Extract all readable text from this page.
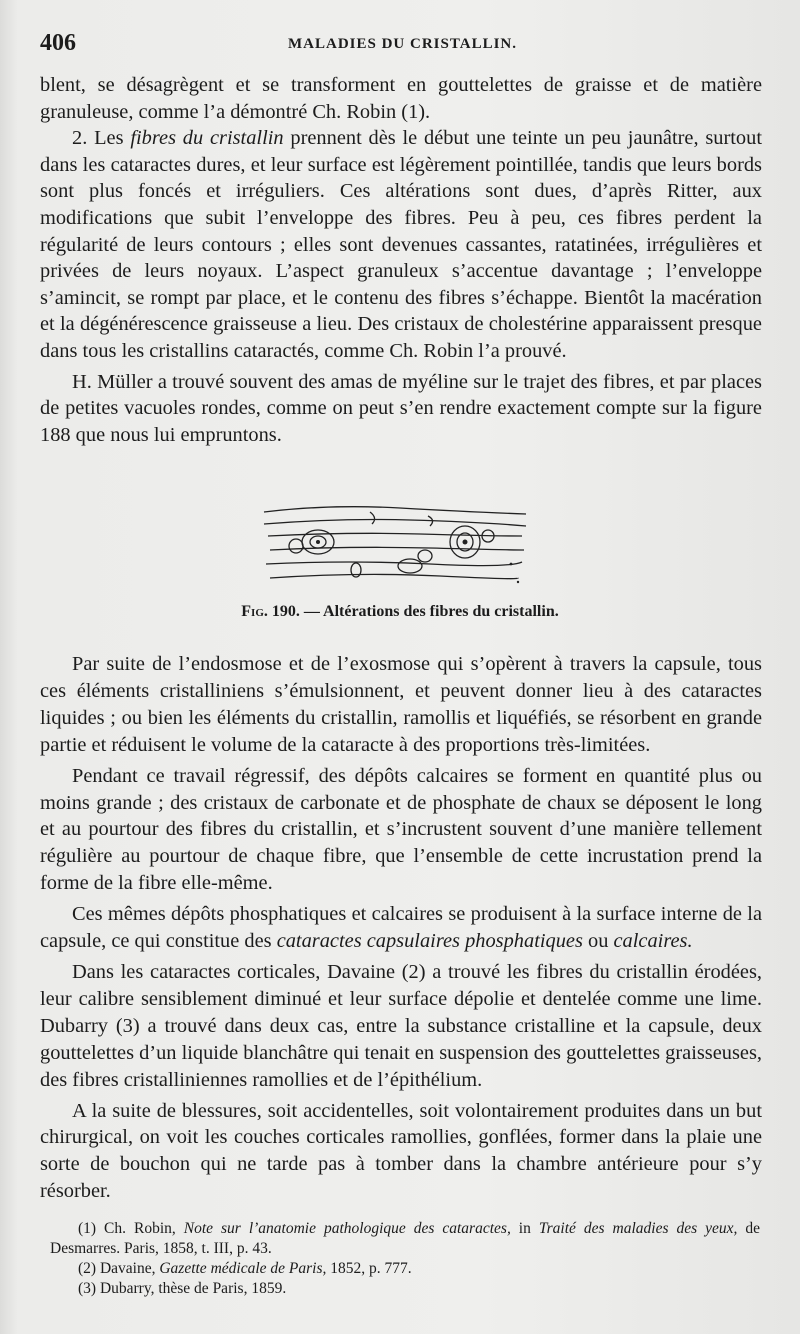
406	MALADIES DU CRISTALLIN.

blent, se désagrègent et se transforment en gouttelettes de graisse et de matière granuleuse, comme l’a démontré Ch. Robin (1).

2. Les fibres du cristallin prennent dès le début une teinte un peu jaunâtre, surtout dans les cataractes dures, et leur surface est légèrement pointillée, tandis que leurs bords sont plus foncés et irréguliers. Ces altérations sont dues, d’après Ritter, aux modifications que subit l’enveloppe des fibres. Peu à peu, ces fibres perdent la régularité de leurs contours ; elles sont devenues cassantes, ratatinées, irrégulières et privées de leurs noyaux. L’aspect granuleux s’accentue davantage ; l’enveloppe s’amincit, se rompt par place, et le contenu des fibres s’échappe. Bientôt la macération et la dégénérescence graisseuse a lieu. Des cristaux de cholestérine apparaissent presque dans tous les cristallins cataractés, comme Ch. Robin l’a prouvé.

H. Müller a trouvé souvent des amas de myéline sur le trajet des fibres, et par places de petites vacuoles rondes, comme on peut s’en rendre exactement compte sur la figure 188 que nous lui empruntons.

Fig. 190. — Altérations des fibres du cristallin.

Par suite de l’endosmose et de l’exosmose qui s’opèrent à travers la capsule, tous ces éléments cristalliniens s’émulsionnent, et peuvent donner lieu à des cataractes liquides ; ou bien les éléments du cristallin, ramollis et liquéfiés, se résorbent en grande partie et réduisent le volume de la cataracte à des proportions très-limitées.

Pendant ce travail régressif, des dépôts calcaires se forment en quantité plus ou moins grande ; des cristaux de carbonate et de phosphate de chaux se déposent le long et au pourtour des fibres du cristallin, et s’incrustent souvent d’une manière tellement régulière au pourtour de chaque fibre, que l’ensemble de cette incrustation prend la forme de la fibre elle-même.

Ces mêmes dépôts phosphatiques et calcaires se produisent à la surface interne de la capsule, ce qui constitue des cataractes capsulaires phosphatiques ou calcaires.

Dans les cataractes corticales, Davaine (2) a trouvé les fibres du cristallin érodées, leur calibre sensiblement diminué et leur surface dépolie et dentelée comme une lime. Dubarry (3) a trouvé dans deux cas, entre la substance cristalline et la capsule, deux gouttelettes d’un liquide blanchâtre qui tenait en suspension des gouttelettes graisseuses, des fibres cristalliniennes ramollies et de l’épithélium.

A la suite de blessures, soit accidentelles, soit volontairement produites dans un but chirurgical, on voit les couches corticales ramollies, gonflées, former dans la plaie une sorte de bouchon qui ne tarde pas à tomber dans la chambre antérieure pour s’y résorber.

(1) Ch. Robin, Note sur l’anatomie pathologique des cataractes, in Traité des maladies des yeux, de Desmarres. Paris, 1858, t. III, p. 43.

(2) Davaine, Gazette médicale de Paris, 1852, p. 777.

(3) Dubarry, thèse de Paris, 1859.
